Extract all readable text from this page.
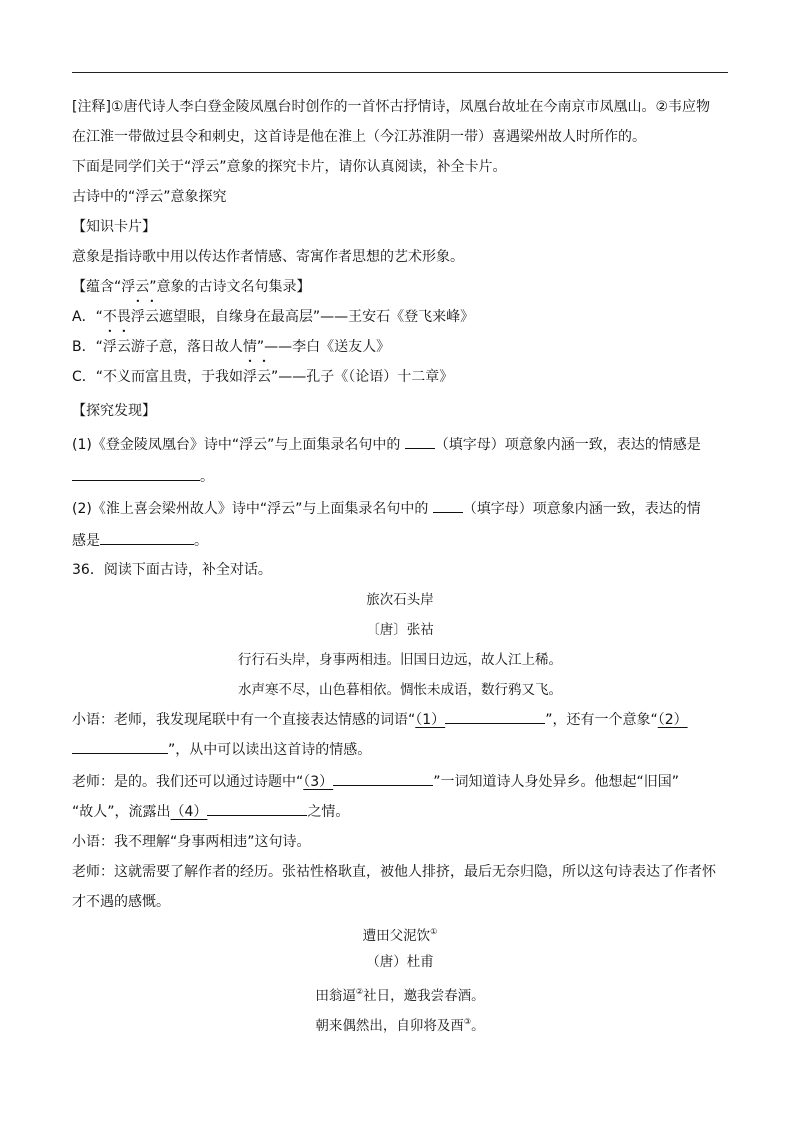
[注释]①唐代诗人李白登金陵凤凰台时创作的一首怀古抒情诗，凤凰台故址在今南京市凤凰山。②韦应物
在江淮一带做过县令和刺史，这首诗是他在淮上（今江苏淮阴一带）喜遇梁州故人时所作的。
下面是同学们关于“浮云”意象的探究卡片，请你认真阅读，补全卡片。
古诗中的“浮云”意象探究
【知识卡片】
意象是指诗歌中用以传达作者情感、寄寓作者思想的艺术形象。
【蕴含“浮云”意象的古诗文名句集录】
A．“不畏浮云遮望眼，自缘身在最高层”——王安石《登飞来峰》
B．“浮云游子意，落日故人情”——李白《送友人》
C．“不义而富且贵，于我如浮云”——孔子《（论语）十二章》
【探究发现】
(1)《登金陵凤凰台》诗中“浮云”与上面集录名句中的 （填字母）项意象内涵一致，表达的情感是
。
(2)《淮上喜会梁州故人》诗中“浮云”与上面集录名句中的 （填字母）项意象内涵一致，表达的情
感是	。
36．阅读下面古诗，补全对话。
旅次石头岸
〔唐〕张祜
行行石头岸，身事两相违。旧国日边远，故人江上稀。
水声寒不尽，山色暮相依。惆怅未成语，数行鸦又飞。
小语：老师，我发现尾联中有一个直接表达情感的词语“（1）	”，还有一个意象“（2）
”，从中可以读出这首诗的情感。
老师：是的。我们还可以通过诗题中“（3）	”一词知道诗人身处异乡。他想起“旧国”
“故人”，流露出（4）	之情。
小语：我不理解“身事两相违”这句诗。
老师：这就需要了解作者的经历。张祜性格耿直，被他人排挤，最后无奈归隐，所以这句诗表达了作者怀
才不遇的感慨。
遭田父泥饮①
（唐）杜甫
田翁逼②社日，邀我尝春酒。
朝来偶然出，自卯将及酉③。
